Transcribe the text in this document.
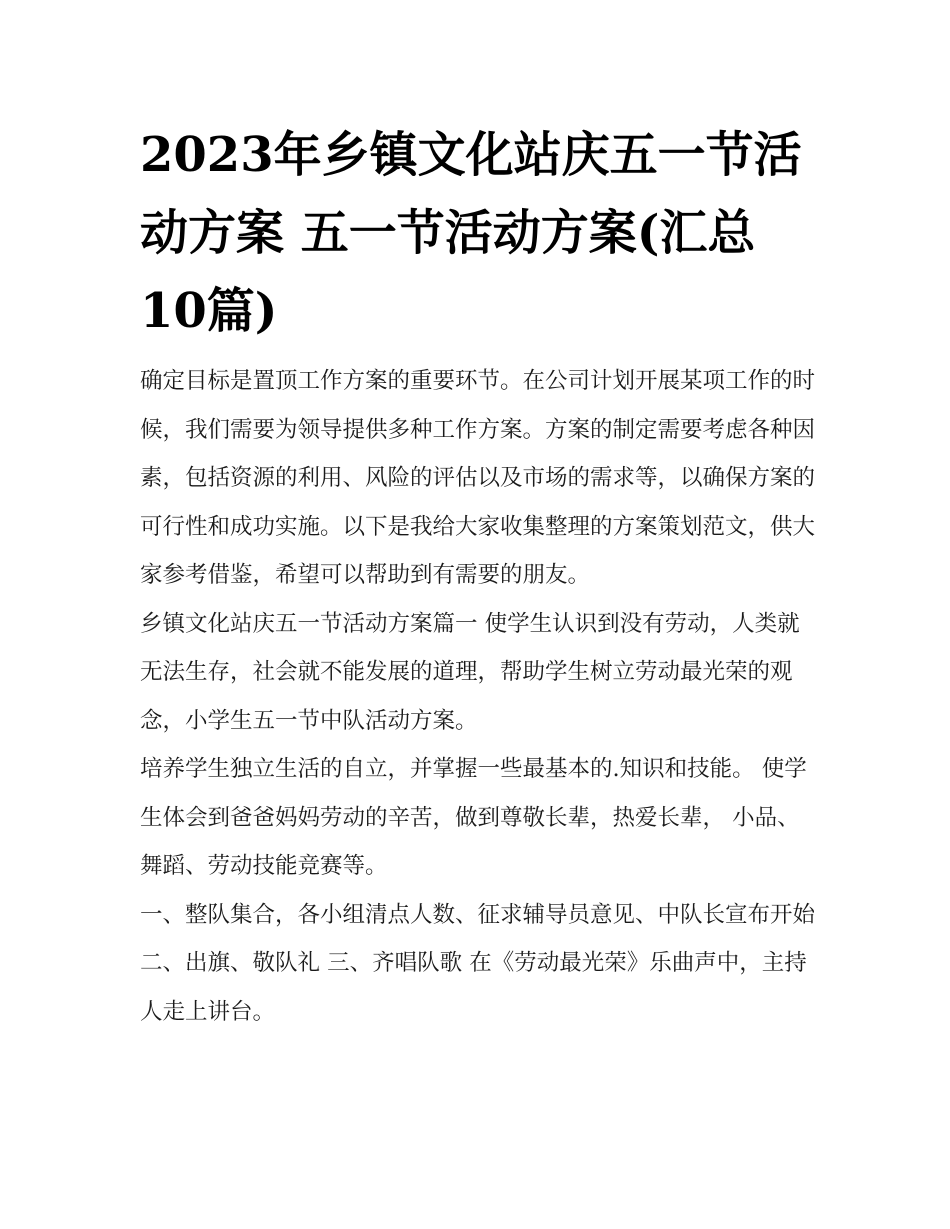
2023年乡镇文化站庆五一节活动方案 五一节活动方案(汇总10篇)

确定目标是置顶工作方案的重要环节。在公司计划开展某项工作的时候，我们需要为领导提供多种工作方案。方案的制定需要考虑各种因素，包括资源的利用、风险的评估以及市场的需求等，以确保方案的可行性和成功实施。以下是我给大家收集整理的方案策划范文，供大家参考借鉴，希望可以帮助到有需要的朋友。

乡镇文化站庆五一节活动方案篇一 使学生认识到没有劳动，人类就无法生存，社会就不能发展的道理，帮助学生树立劳动最光荣的观念，小学生五一节中队活动方案。

培养学生独立生活的自立，并掌握一些最基本的.知识和技能。 使学生体会到爸爸妈妈劳动的辛苦，做到尊敬长辈，热爱长辈， 小品、舞蹈、劳动技能竞赛等。

一、整队集合，各小组清点人数、征求辅导员意见、中队长宣布开始 二、出旗、敬队礼 三、齐唱队歌 在《劳动最光荣》乐曲声中，主持人走上讲台。
